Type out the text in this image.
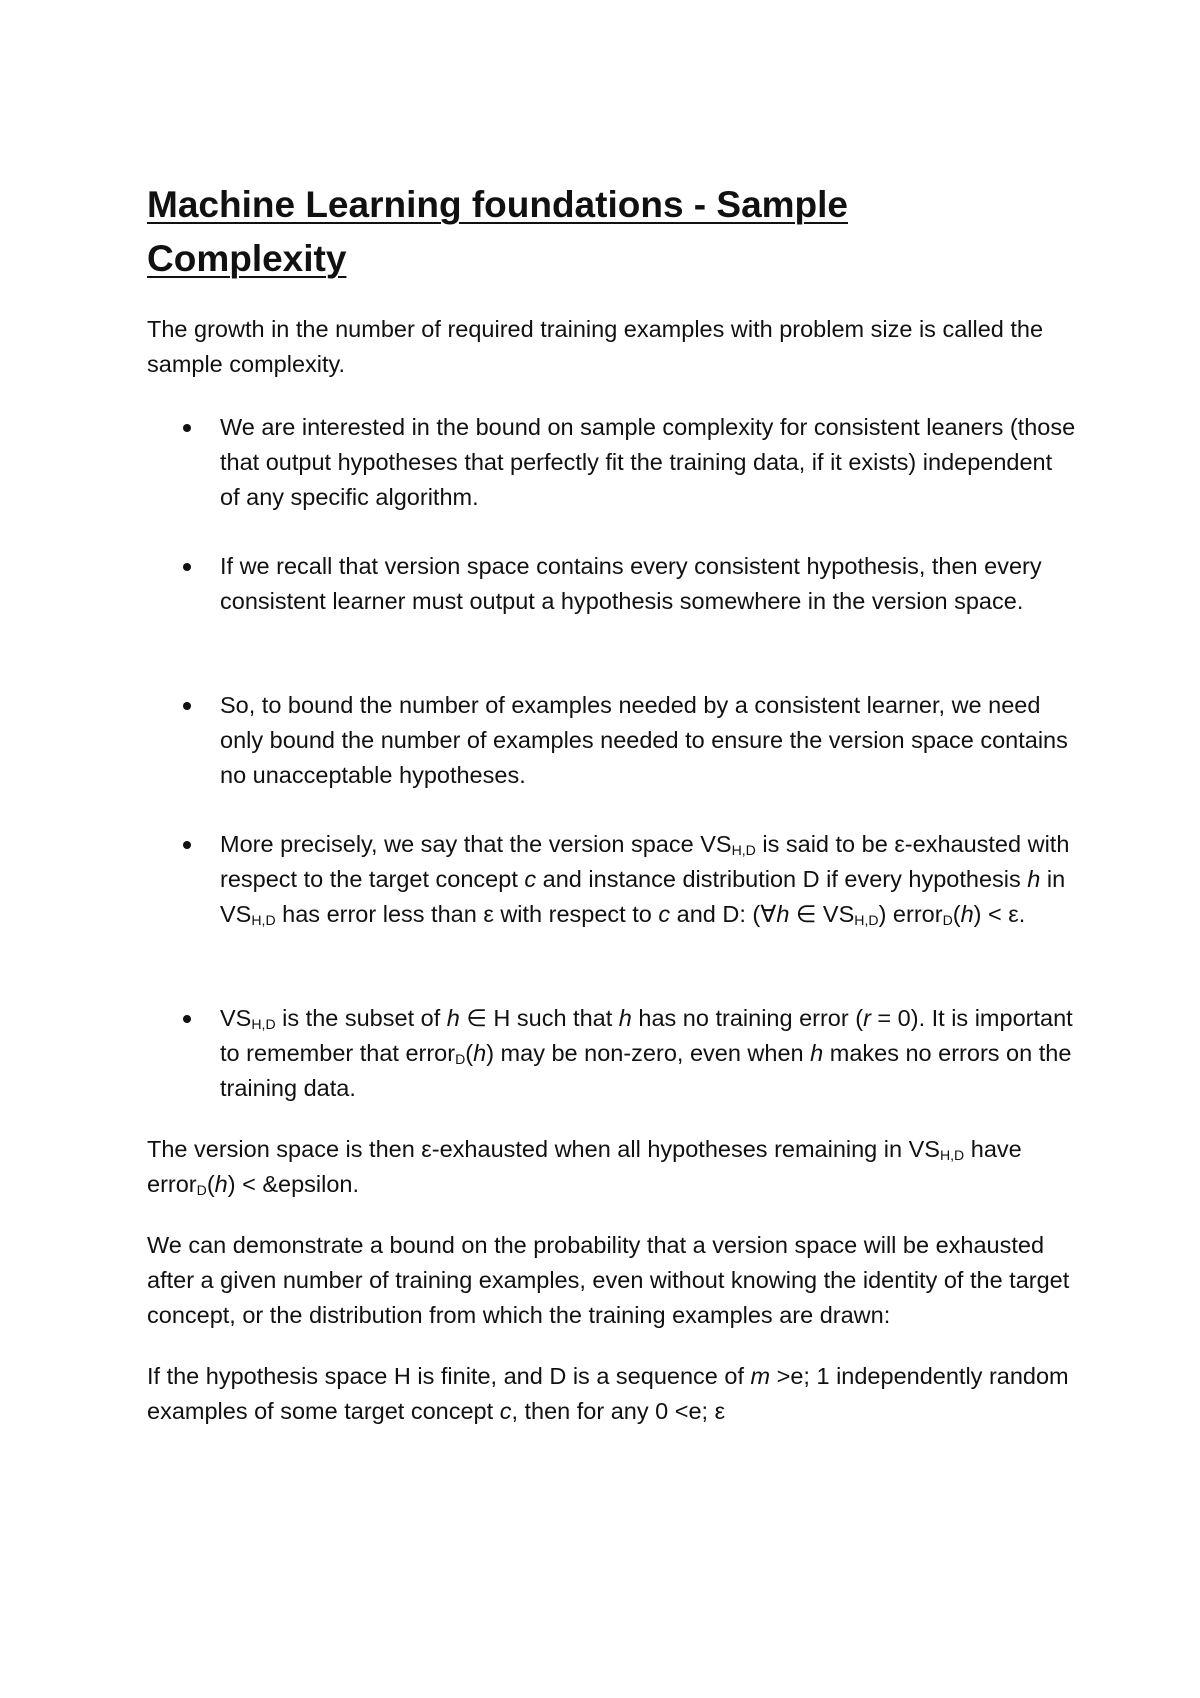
Machine Learning foundations - Sample
Complexity

The growth in the number of required training examples with problem size is called the sample complexity.

We are interested in the bound on sample complexity for consistent leaners (those that output hypotheses that perfectly fit the training data, if it exists) independent of any specific algorithm.
If we recall that version space contains every consistent hypothesis, then every consistent learner must output a hypothesis somewhere in the version space.
So, to bound the number of examples needed by a consistent learner, we need only bound the number of examples needed to ensure the version space contains no unacceptable hypotheses.
More precisely, we say that the version space $VS_{H,D}$ is said to be ε-exhausted with respect to the target concept c and instance distribution D if every hypothesis h in $VS_{H,D}$ has error less than ε with respect to c and D: (∀h ∈ $VS_{H,D}$) error$_D$(h) < ε.
$VS_{H,D}$ is the subset of h ∈ H such that h has no training error (r = 0). It is important to remember that error$_D$(h) may be non-zero, even when h makes no errors on the training data.

The version space is then ε-exhausted when all hypotheses remaining in $VS_{H,D}$ have error$_D$(h) < &epsilon.

We can demonstrate a bound on the probability that a version space will be exhausted after a given number of training examples, even without knowing the identity of the target concept, or the distribution from which the training examples are drawn:

If the hypothesis space H is finite, and D is a sequence of m >e; 1 independently random examples of some target concept c, then for any 0 <e; ε
